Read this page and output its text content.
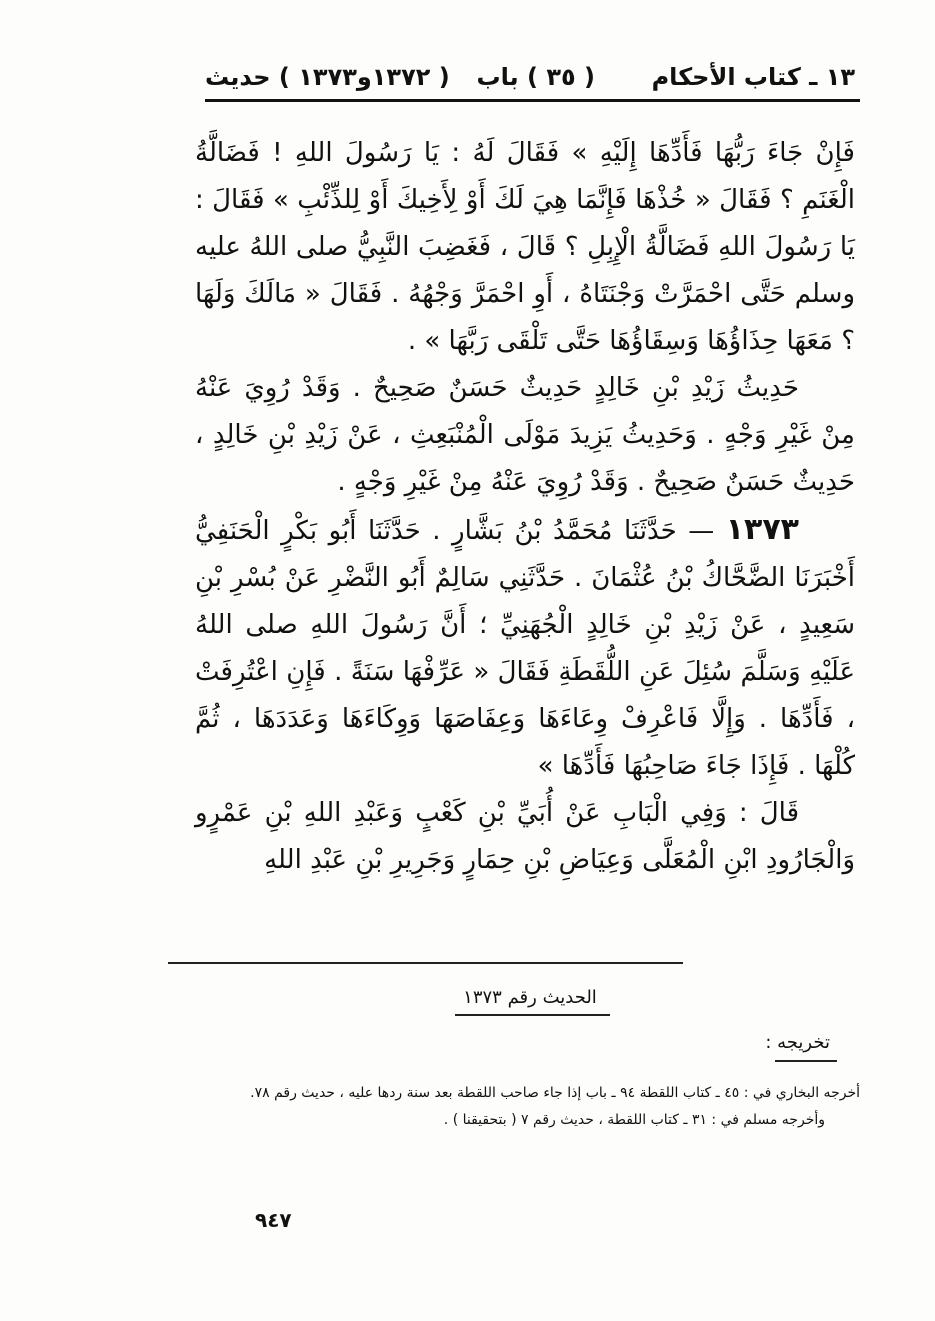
١٣ ـ كتاب الأحكام
( ٣٥ ) باب
( ١٣٧٢و١٣٧٣ ) حديث

فَإِنْ جَاءَ رَبُّهَا فَأَدِّهَا إِلَيْهِ » فَقَالَ لَهُ : يَا رَسُولَ اللهِ ! فَضَالَّةُ الْغَنَمِ ؟ فَقَالَ « خُذْهَا فَإِنَّمَا هِيَ لَكَ أَوْ لِأَخِيكَ أَوْ لِلذِّئْبِ » فَقَالَ : يَا رَسُولَ اللهِ فَضَالَّةُ الْإِبِلِ ؟ قَالَ ، فَغَضِبَ النَّبِيُّ صلى اللهُ عليه وسلم حَتَّى احْمَرَّتْ وَجْنَتَاهُ ، أَوِ احْمَرَّ وَجْهُهُ . فَقَالَ « مَالَكَ وَلَهَا ؟ مَعَهَا حِذَاؤُهَا وَسِقَاؤُهَا حَتَّى تَلْقَى رَبَّهَا » .

حَدِيثُ زَيْدِ بْنِ خَالِدٍ حَدِيثٌ حَسَنٌ صَحِيحٌ . وَقَدْ رُوِيَ عَنْهُ مِنْ غَيْرِ وَجْهٍ . وَحَدِيثُ يَزِيدَ مَوْلَى الْمُنْبَعِثِ ، عَنْ زَيْدِ بْنِ خَالِدٍ ، حَدِيثٌ حَسَنٌ صَحِيحٌ . وَقَدْ رُوِيَ عَنْهُ مِنْ غَيْرِ وَجْهٍ .

١٣٧٣ — حَدَّثَنَا مُحَمَّدُ بْنُ بَشَّارٍ . حَدَّثَنَا أَبُو بَكْرٍ الْحَنَفِيُّ أَخْبَرَنَا الضَّحَّاكُ بْنُ عُثْمَانَ . حَدَّثَنِي سَالِمٌ أَبُو النَّضْرِ عَنْ بُسْرِ بْنِ سَعِيدٍ ، عَنْ زَيْدِ بْنِ خَالِدٍ الْجُهَنِيِّ ؛ أَنَّ رَسُولَ اللهِ صلى اللهُ عَلَيْهِ وَسَلَّمَ سُئِلَ عَنِ اللُّقَطَةِ فَقَالَ « عَرِّفْهَا سَنَةً . فَإِنِ اعْتُرِفَتْ ، فَأَدِّهَا . وَإِلَّا فَاعْرِفْ وِعَاءَهَا وَعِفَاصَهَا وَوِكَاءَهَا وَعَدَدَهَا ، ثُمَّ كُلْهَا . فَإِذَا جَاءَ صَاحِبُهَا فَأَدِّهَا »

قَالَ : وَفِي الْبَابِ عَنْ أُبَيِّ بْنِ كَعْبٍ وَعَبْدِ اللهِ بْنِ عَمْرٍو وَالْجَارُودِ ابْنِ الْمُعَلَّى وَعِيَاضِ بْنِ حِمَارٍ وَجَرِيرِ بْنِ عَبْدِ اللهِ

الحديث رقم ١٣٧٣
تخريجه :

أخرجه البخاري في : ٤٥ ـ كتاب اللقطة ٩٤ ـ باب إذا جاء صاحب اللقطة بعد سنة ردها عليه ، حديث رقم ٧٨.

وأخرجه مسلم في : ٣١ ـ كتاب اللقطة ، حديث رقم ٧ ( بتحقيقنا ) .

٩٤٧
